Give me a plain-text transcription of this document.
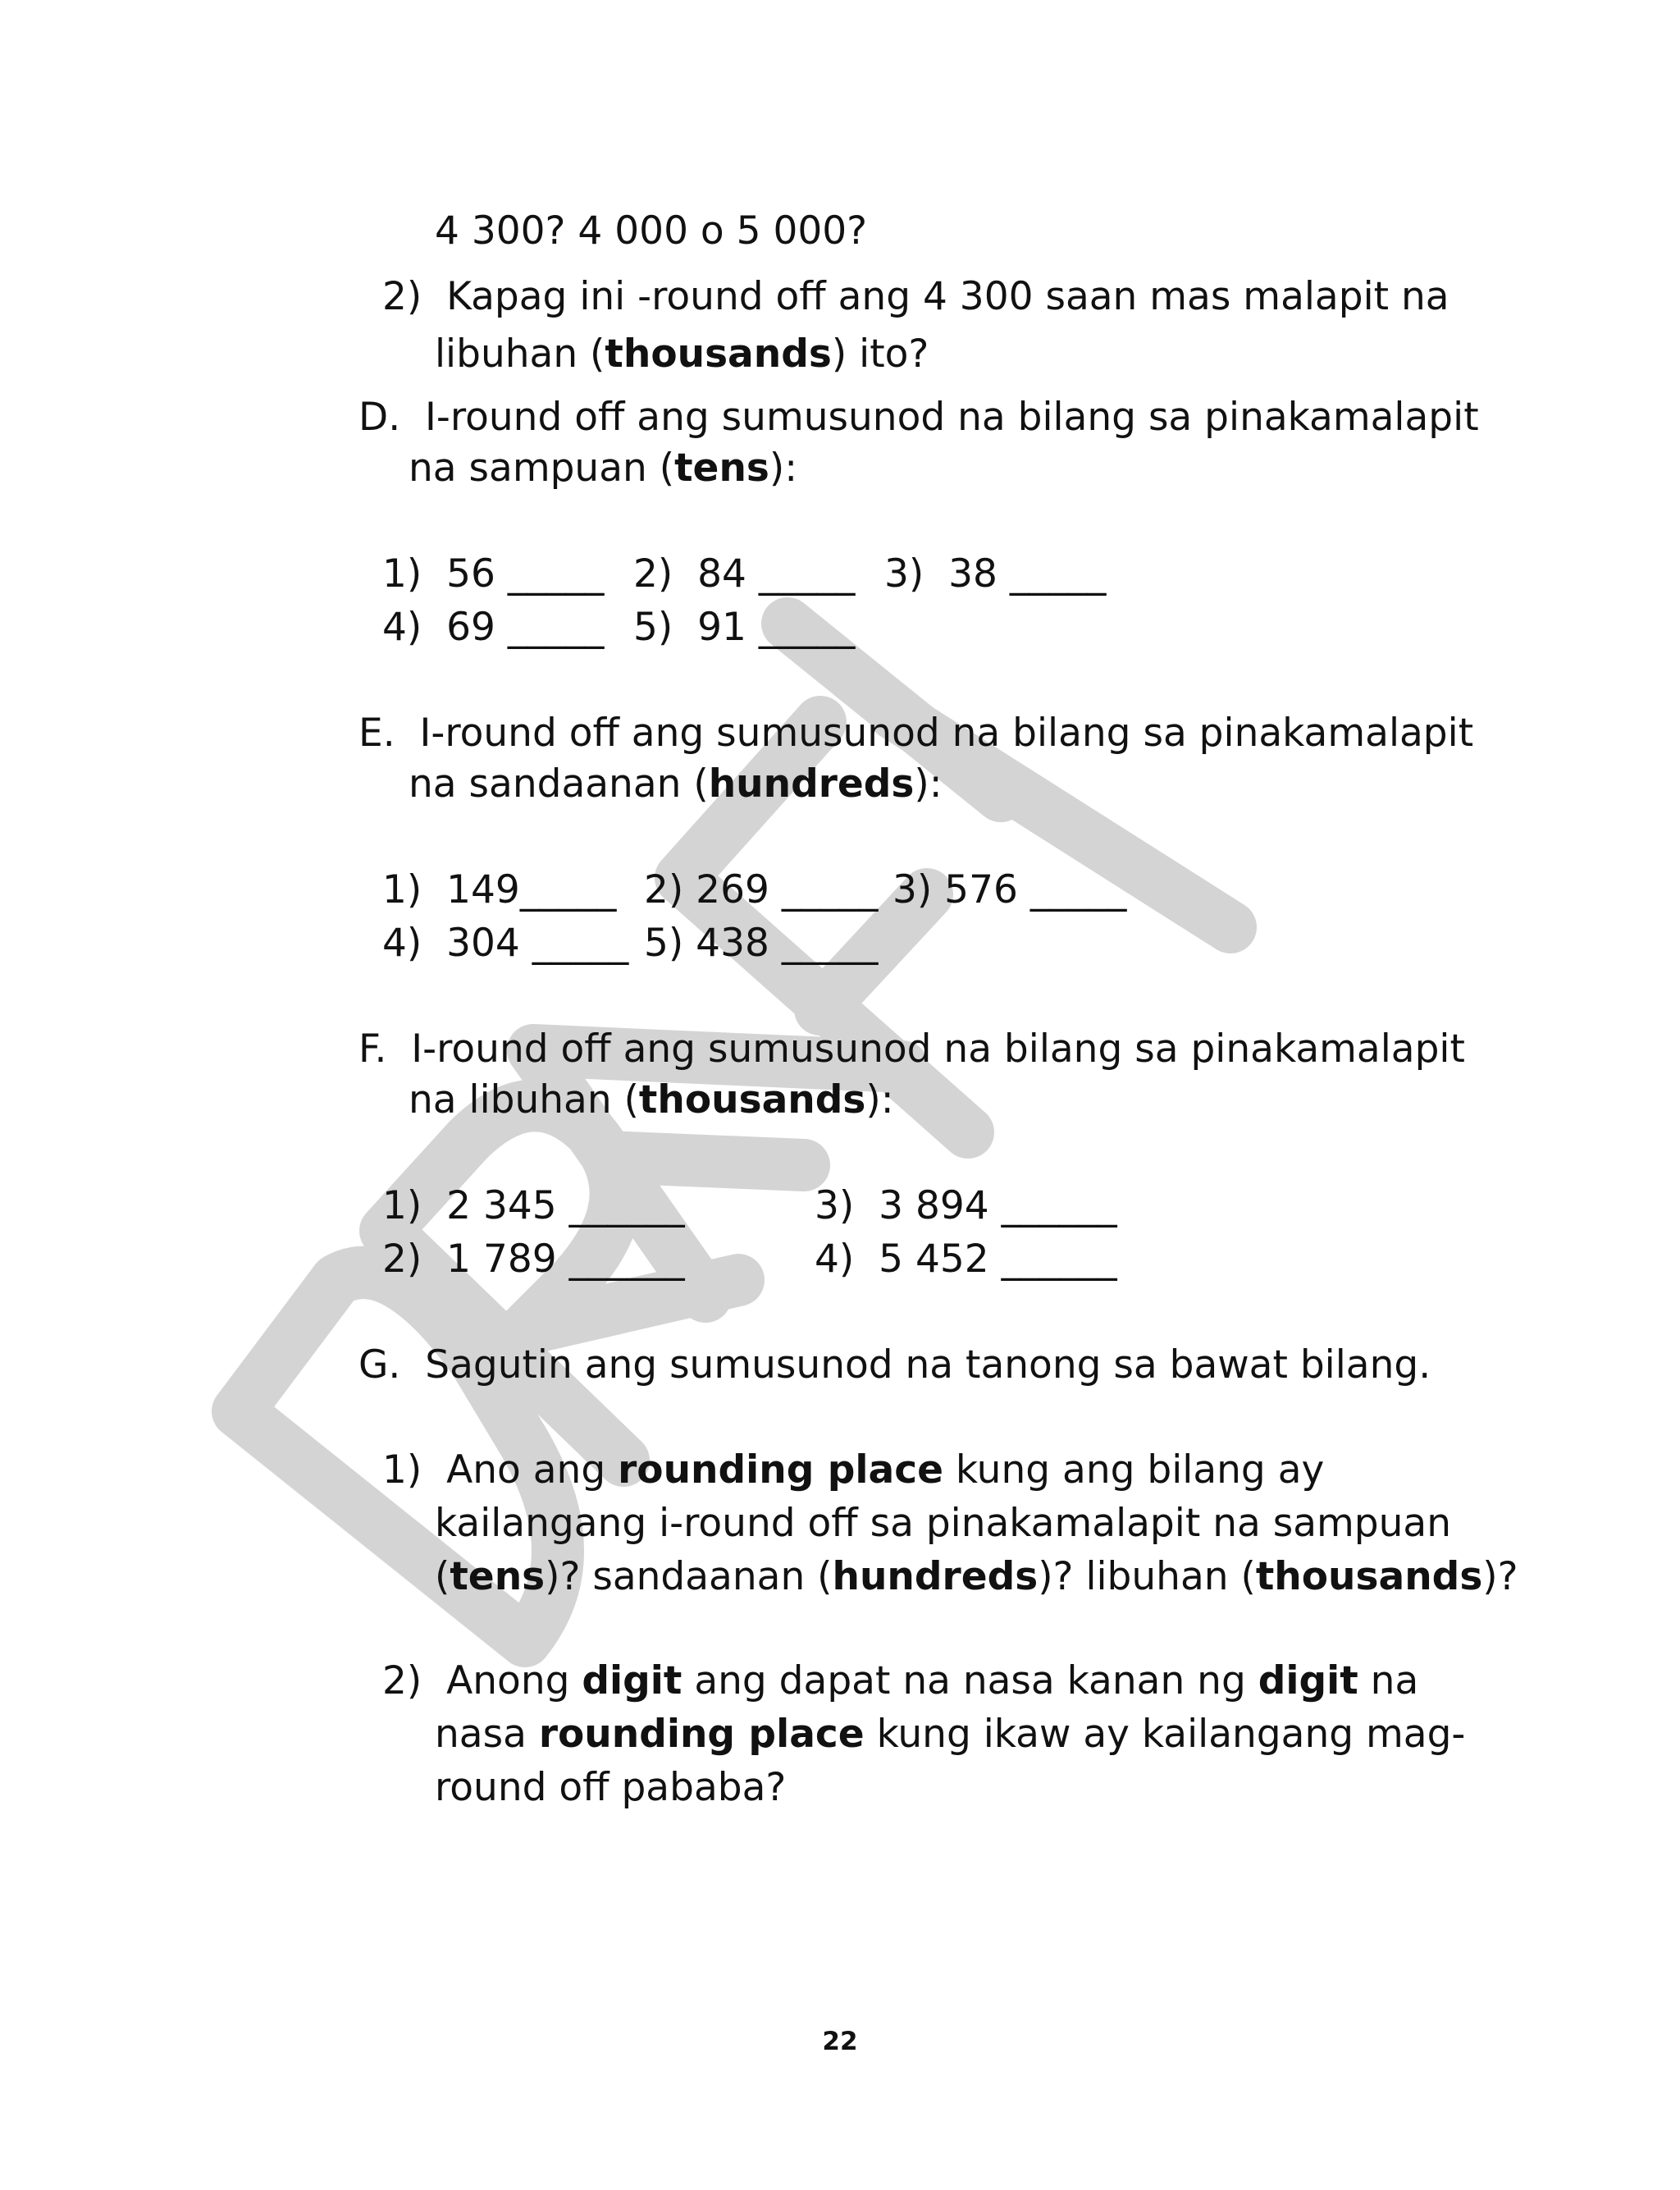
4 300? 4 000 o 5 000?
2)  Kapag ini -round off ang 4 300 saan mas malapit na
libuhan (thousands) ito?
D.  I-round off ang sumusunod na bilang sa pinakamalapit
na sampuan (tens):
1)  56 _____ 2)  84 _____ 3)  38 _____
4)  69 _____ 5)  91 _____
E.  I-round off ang sumusunod na bilang sa pinakamalapit
na sandaanan (hundreds):
1)  149_____ 2) 269 _____ 3) 576 _____
4)  304 _____ 5) 438 _____
F.  I-round off ang sumusunod na bilang sa pinakamalapit
na libuhan (thousands):
1)  2 345 ______	3)  3 894 ______
2)  1 789 ______	4)  5 452 ______
G.  Sagutin ang sumusunod na tanong sa bawat bilang.
1)  Ano ang rounding place kung ang bilang ay
kailangang i-round off sa pinakamalapit na sampuan
(tens)? sandaanan (hundreds)? libuhan (thousands)?
2)  Anong digit ang dapat na nasa kanan ng digit na
nasa rounding place kung ikaw ay kailangang mag-
round off pababa?
22
